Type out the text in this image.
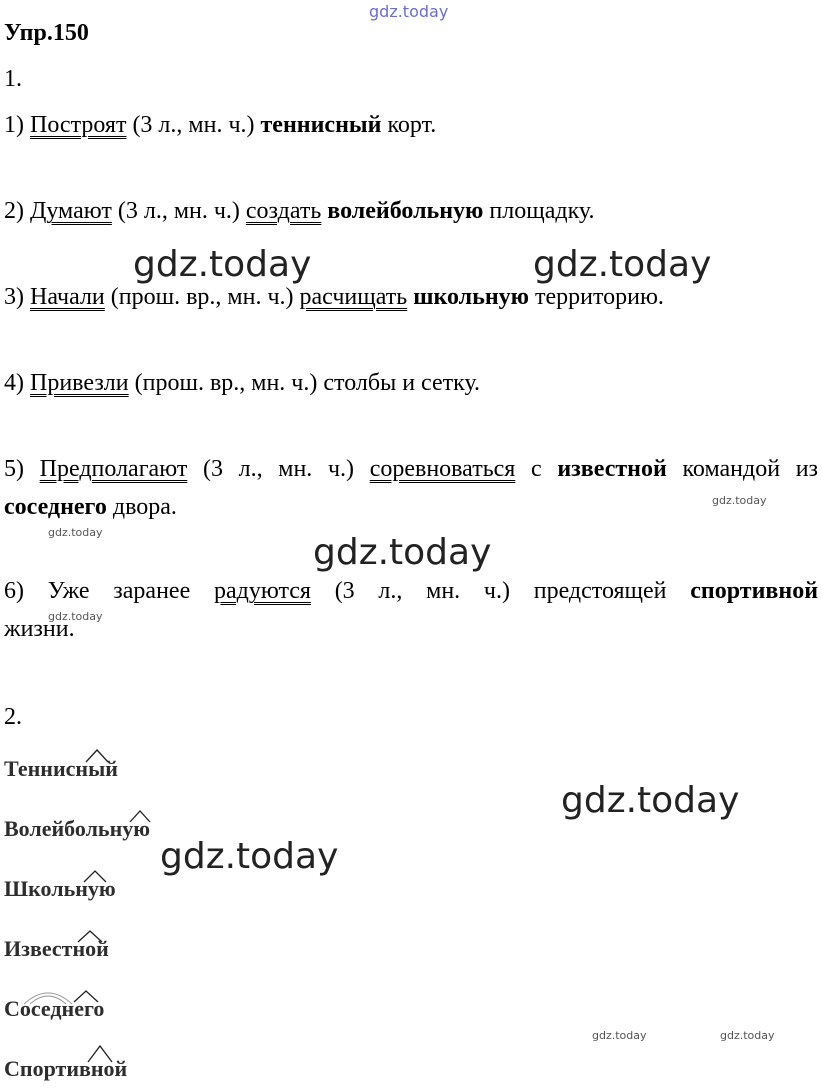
gdz.today
gdz.today	gdz.today
gdz.today
gdz.today
gdz.today
gdz.today
gdz.today
gdz.today
gdz.today	gdz.today
Упр.150
1.
1) Построят (3 л., мн. ч.) теннисный корт.
2) Думают (3 л., мн. ч.) создать волейбольную площадку.
3) Начали (прош. вр., мн. ч.) расчищать школьную территорию.
4) Привезли (прош. вр., мн. ч.) столбы и сетку.
5) Предполагают (3 л., мн. ч.) соревноваться с известной командой из
соседнего двора.
6) Уже заранее радуются (3 л., мн. ч.) предстоящей спортивной
жизни.
2.
Теннисный
Волейбольную
Школьную
Известной
Соседнего
Спортивной
